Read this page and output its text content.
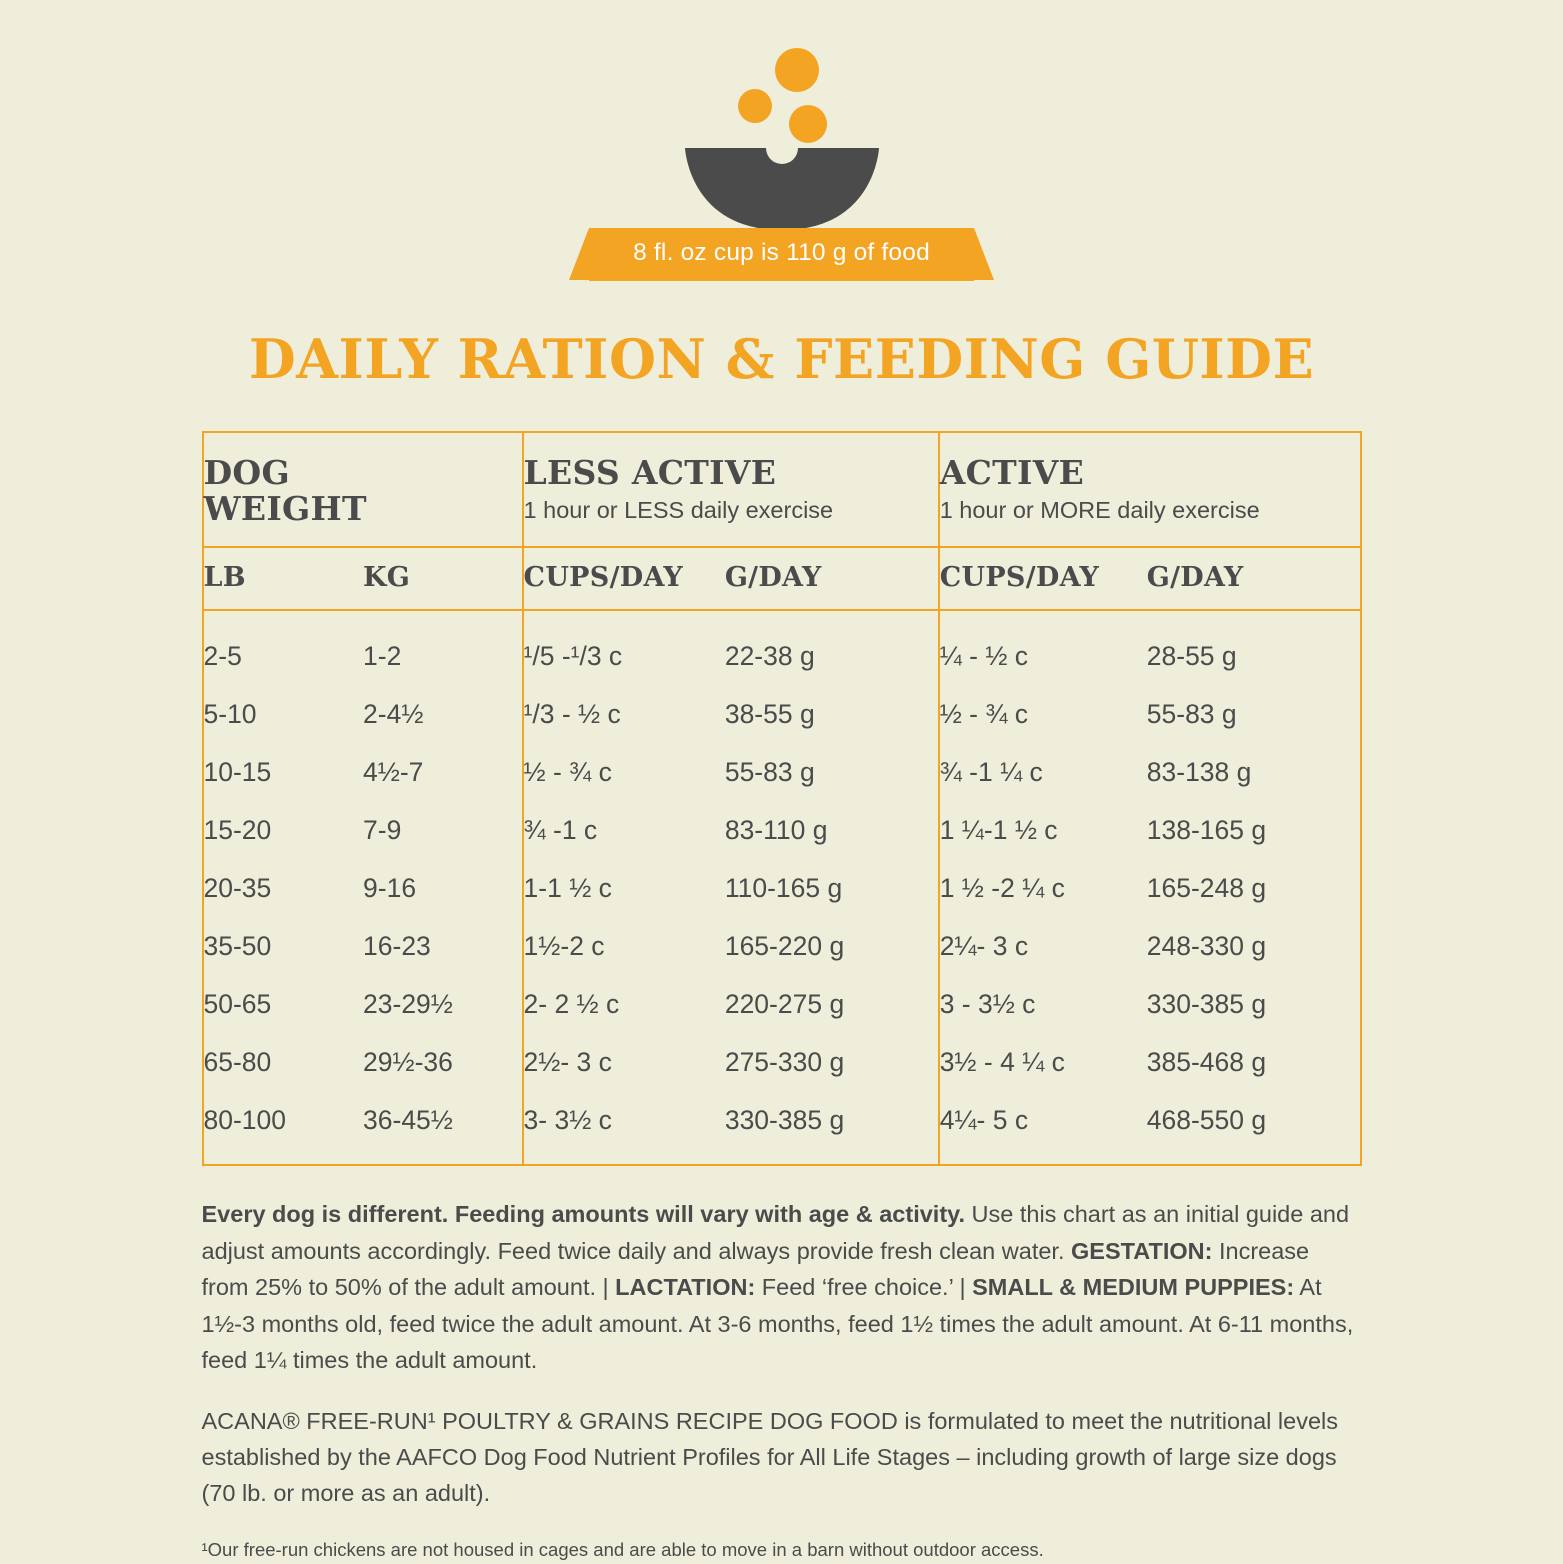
8 fl. oz cup is 110 g of food
DAILY RATION & FEEDING GUIDE
DOG
WEIGHT

LESS ACTIVE
1 hour or LESS daily exercise

ACTIVE
1 hour or MORE daily exercise

LB	KG	CUPS/DAY	G/DAY	CUPS/DAY	G/DAY
2-5	1-2	¹/5 -¹/3 c	22-38 g	¼ - ½ c	28-55 g
5-10	2-4½	¹/3 - ½ c	38-55 g	½ - ¾ c	55-83 g
10-15	4½-7	½ - ¾ c	55-83 g	¾ -1 ¼ c	83-138 g
15-20	7-9	¾ -1 c	83-110 g	1 ¼-1 ½ c	138-165 g
20-35	9-16	1-1 ½ c	110-165 g	1 ½ -2 ¼ c	165-248 g
35-50	16-23	1½-2 c	165-220 g	2¼- 3 c	248-330 g
50-65	23-29½	2- 2 ½ c	220-275 g	3 - 3½ c	330-385 g
65-80	29½-36	2½- 3 c	275-330 g	3½ - 4 ¼ c	385-468 g
80-100	36-45½	3- 3½ c	330-385 g	4¼- 5 c	468-550 g

Every dog is different. Feeding amounts will vary with age & activity. Use this chart as an initial guide and adjust amounts accordingly. Feed twice daily and always provide fresh clean water. GESTATION: Increase from 25% to 50% of the adult amount. | LACTATION: Feed ‘free choice.’ | SMALL & MEDIUM PUPPIES: At 1½-3 months old, feed twice the adult amount. At 3-6 months, feed 1½ times the adult amount. At 6-11 months, feed 1¼ times the adult amount.

ACANA® FREE-RUN¹ POULTRY & GRAINS RECIPE DOG FOOD is formulated to meet the nutritional levels established by the AAFCO Dog Food Nutrient Profiles for All Life Stages – including growth of large size dogs (70 lb. or more as an adult).

¹Our free-run chickens are not housed in cages and are able to move in a barn without outdoor access.
